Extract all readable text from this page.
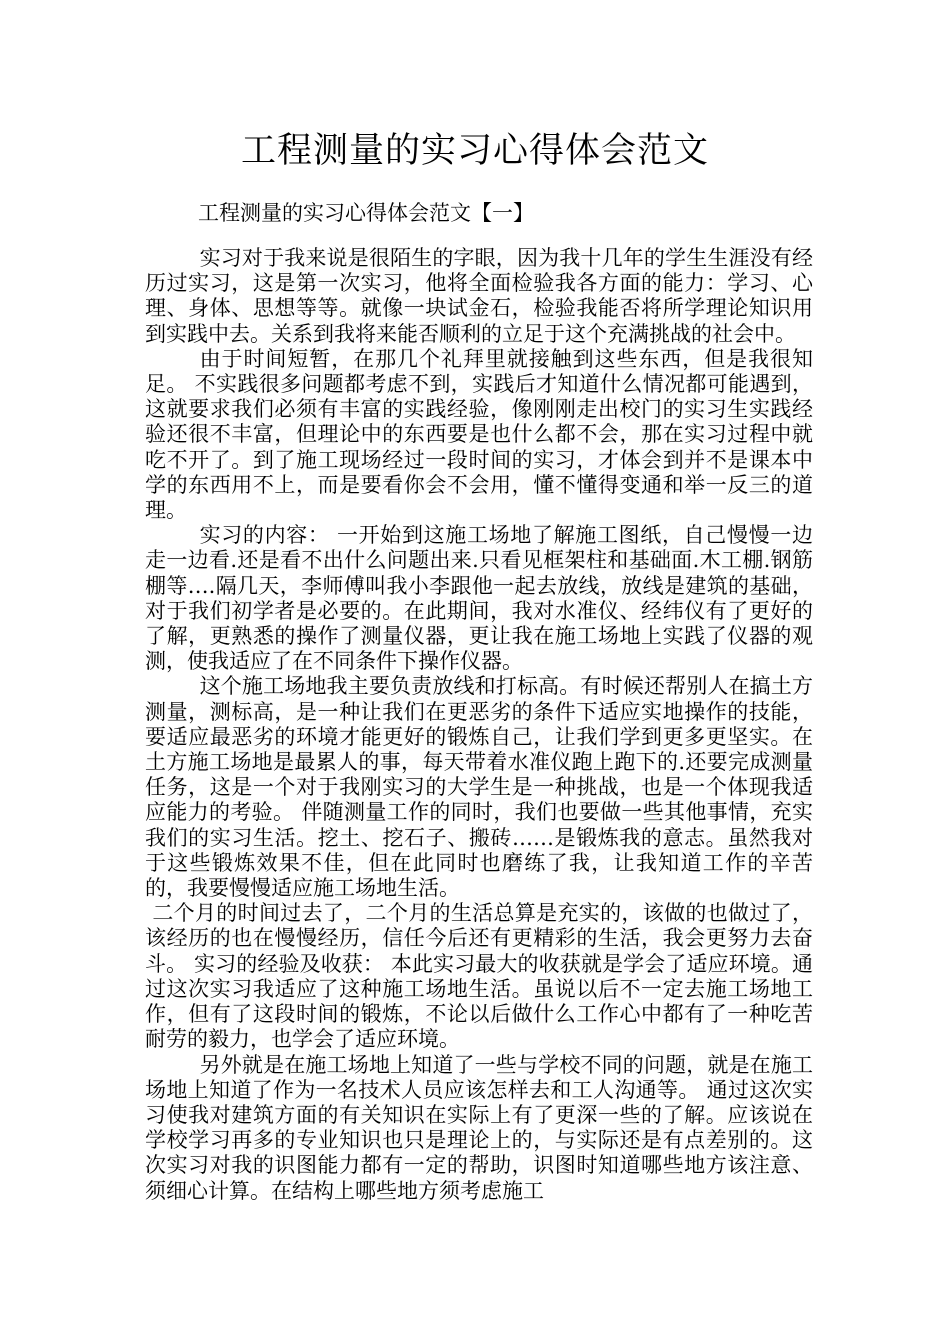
工程测量的实习心得体会范文
工程测量的实习心得体会范文【一】

实习对于我来说是很陌生的字眼，因为我十几年的学生生涯没有经历过实习，这是第一次实习，他将全面检验我各方面的能力：学习、心理、身体、思想等等。就像一块试金石，检验我能否将所学理论知识用到实践中去。关系到我将来能否顺利的立足于这个充满挑战的社会中。

由于时间短暂，在那几个礼拜里就接触到这些东西，但是我很知足。 不实践很多问题都考虑不到，实践后才知道什么情况都可能遇到，这就要求我们必须有丰富的实践经验，像刚刚走出校门的实习生实践经验还很不丰富，但理论中的东西要是也什么都不会，那在实习过程中就吃不开了。到了施工现场经过一段时间的实习，才体会到并不是课本中学的东西用不上，而是要看你会不会用，懂不懂得变通和举一反三的道理。

实习的内容： 一开始到这施工场地了解施工图纸，自己慢慢一边走一边看.还是看不出什么问题出来.只看见框架柱和基础面.木工棚.钢筋棚等….隔几天，李师傅叫我小李跟他一起去放线，放线是建筑的基础，对于我们初学者是必要的。在此期间，我对水准仪、经纬仪有了更好的了解，更熟悉的操作了测量仪器，更让我在施工场地上实践了仪器的观测，使我适应了在不同条件下操作仪器。

这个施工场地我主要负责放线和打标高。有时候还帮别人在搞土方测量，测标高，是一种让我们在更恶劣的条件下适应实地操作的技能，要适应最恶劣的环境才能更好的锻炼自己，让我们学到更多更坚实。在土方施工场地是最累人的事，每天带着水准仪跑上跑下的.还要完成测量任务，这是一个对于我刚实习的大学生是一种挑战，也是一个体现我适应能力的考验。 伴随测量工作的同时，我们也要做一些其他事情，充实我们的实习生活。挖土、挖石子、搬砖……是锻炼我的意志。虽然我对于这些锻炼效果不佳，但在此同时也磨练了我，让我知道工作的辛苦的，我要慢慢适应施工场地生活。

二个月的时间过去了，二个月的生活总算是充实的，该做的也做过了，该经历的也在慢慢经历，信任今后还有更精彩的生活，我会更努力去奋斗。 实习的经验及收获： 本此实习最大的收获就是学会了适应环境。通过这次实习我适应了这种施工场地生活。虽说以后不一定去施工场地工作，但有了这段时间的锻炼，不论以后做什么工作心中都有了一种吃苦耐劳的毅力，也学会了适应环境。

另外就是在施工场地上知道了一些与学校不同的问题，就是在施工场地上知道了作为一名技术人员应该怎样去和工人沟通等。 通过这次实习使我对建筑方面的有关知识在实际上有了更深一些的了解。应该说在学校学习再多的专业知识也只是理论上的，与实际还是有点差别的。这次实习对我的识图能力都有一定的帮助，识图时知道哪些地方该注意、须细心计算。在结构上哪些地方须考虑施工
